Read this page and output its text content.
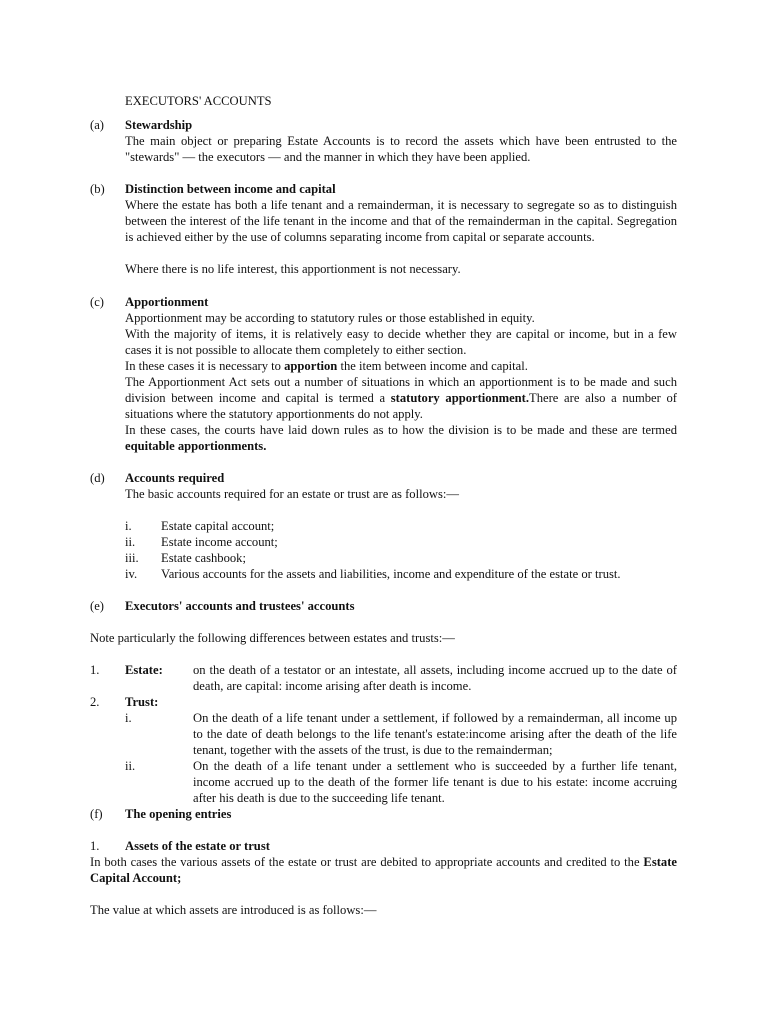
EXECUTORS' ACCOUNTS
(a) Stewardship

The main object or preparing Estate Accounts is to record the assets which have been entrusted to the "stewards" — the executors — and the manner in which they have been applied.

(b) Distinction between income and capital

Where the estate has both a life tenant and a remainderman, it is necessary to segregate so as to distinguish between the interest of the life tenant in the income and that of the remainderman in the capital. Segregation is achieved either by the use of columns separating income from capital or separate accounts.

Where there is no life interest, this apportionment is not necessary.

(c) Apportionment

Apportionment may be according to statutory rules or those established in equity.

With the majority of items, it is relatively easy to decide whether they are capital or income, but in a few cases it is not possible to allocate them completely to either section.

In these cases it is necessary to apportion the item between income and capital.

The Apportionment Act sets out a number of situations in which an apportionment is to be made and such division between income and capital is termed a statutory apportionment.There are also a number of situations where the statutory apportionments do not apply.

In these cases, the courts have laid down rules as to how the division is to be made and these are termed equitable apportionments.

(d) Accounts required

The basic accounts required for an estate or trust are as follows:—

i. Estate capital account;
ii. Estate income account;
iii. Estate cashbook;
iv. Various accounts for the assets and liabilities, income and expenditure of the estate or trust.
(e) Executors' accounts and trustees' accounts

Note particularly the following differences between estates and trusts:—

1. Estate: on the death of a testator or an intestate, all assets, including income accrued up to the date of death, are capital: income arising after death is income.

2. Trust:
i.	On the death of a life tenant under a settlement, if followed by a remainderman, all income up to the date of death belongs to the life tenant's estate:income arising after the death of the life tenant, together with the assets of the trust, is due to the remainderman;

ii.	On the death of a life tenant under a settlement who is succeeded by a further life tenant, income accrued up to the death of the former life tenant is due to his estate: income accruing after his death is due to the succeeding life tenant.

(f) The opening entries
1. Assets of the estate or trust

In both cases the various assets of the estate or trust are debited to appropriate accounts and credited to the Estate Capital Account;

The value at which assets are introduced is as follows:—
